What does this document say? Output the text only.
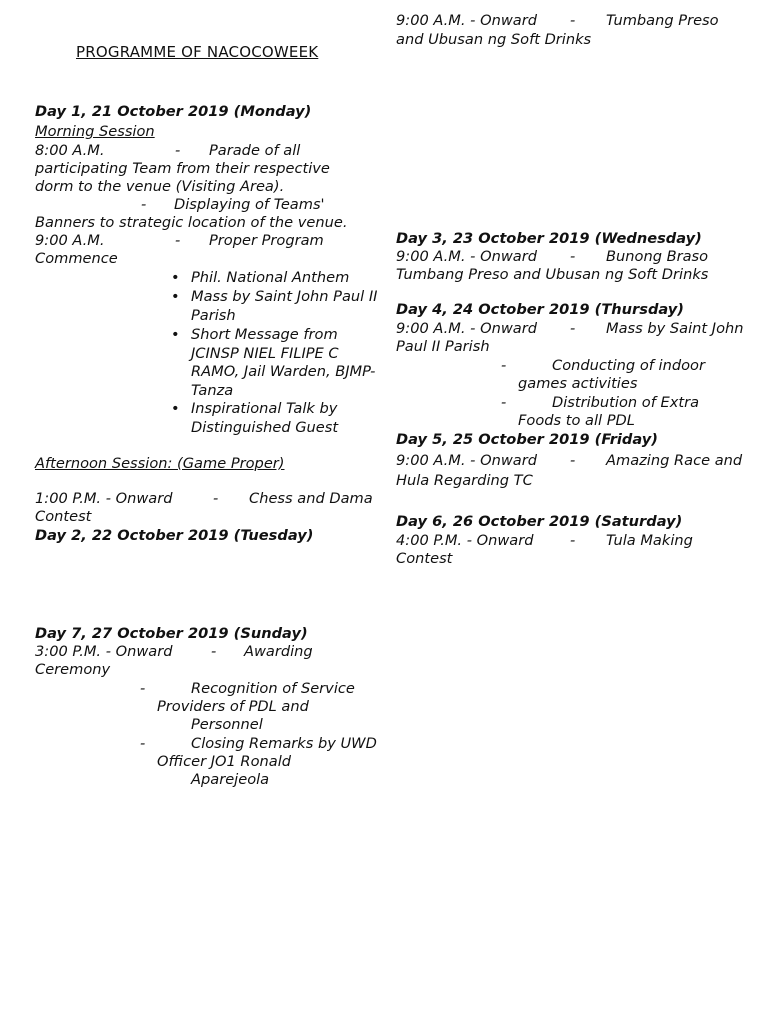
PROGRAMME OF NACOCOWEEK
Day 1, 21 October 2019 (Monday)
Morning Session
8:00 A.M.	- Parade of all
participating Team from their respective
dorm to the venue (Visiting Area).
- Displaying of Teams'
Banners to strategic location of the venue.
9:00 A.M.	- Proper Program
Commence
• Phil. National Anthem
• Mass by Saint John Paul II
Parish
• Short Message from
JCINSP NIEL FILIPE C
RAMO, Jail Warden, BJMP-
Tanza
• Inspirational Talk by
Distinguished Guest
Afternoon Session: (Game Proper)
1:00 P.M. - Onward	- Chess and Dama
Contest
Day 2, 22 October 2019 (Tuesday)
9:00 A.M. - Onward - Tumbang Preso
and Ubusan ng Soft Drinks
Day 3, 23 October 2019 (Wednesday)
9:00 A.M. - Onward - Bunong Braso
Tumbang Preso and Ubusan ng Soft Drinks
Day 4, 24 October 2019 (Thursday)
9:00 A.M. - Onward - Mass by Saint John
Paul II Parish
-	Conducting of indoor
games activities
-	Distribution of Extra
Foods to all PDL
Day 5, 25 October 2019 (Friday)
9:00 A.M. - Onward - Amazing Race and
Hula Regarding TC
Day 6, 26 October 2019 (Saturday)
4:00 P.M. - Onward	- Tula Making
Contest
Day 7, 27 October 2019 (Sunday)
3:00 P.M. - Onward	- Awarding
Ceremony
-	Recognition of Service
Providers of PDL and
Personnel
-	Closing Remarks by UWD
Officer JO1 Ronald
Aparejeola
